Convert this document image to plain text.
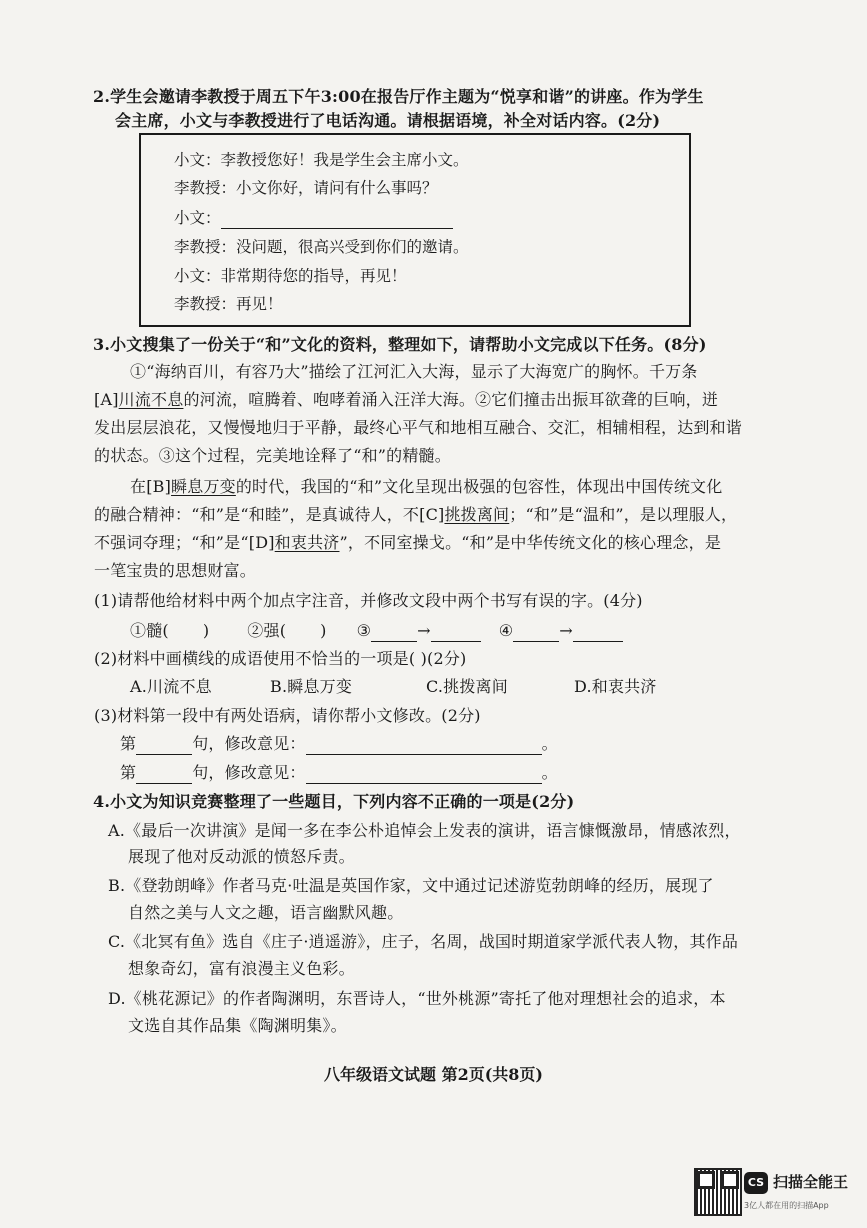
2.学生会邀请李教授于周五下午3:00在报告厅作主题为“悦享和谐”的讲座。作为学生
会主席，小文与李教授进行了电话沟通。请根据语境，补全对话内容。(2分)
小文：李教授您好！我是学生会主席小文。
李教授：小文你好，请问有什么事吗？
小文：
李教授：没问题，很高兴受到你们的邀请。
小文：非常期待您的指导，再见！
李教授：再见！
3.小文搜集了一份关于“和”文化的资料，整理如下，请帮助小文完成以下任务。(8分)
①“海纳百川，有容乃大”描绘了江河汇入大海，显示了大海宽广的胸怀。千万条
[A]川流不息的河流，喧腾着、咆哮着涌入汪洋大海。②它们撞击出振耳欲聋的巨响，迸
发出层层浪花，又慢慢地归于平静，最终心平气和地相互融合、交汇，相辅相程，达到和谐
的状态。③这个过程，完美地诠释了“和”的精髓。
在[B]瞬息万变的时代，我国的“和”文化呈现出极强的包容性，体现出中国传统文化
的融合精神：“和”是“和睦”，是真诚待人，不[C]挑拨离间；“和”是“温和”，是以理服人，
不强词夺理；“和”是“[D]和衷共济”，不同室操戈。“和”是中华传统文化的核心理念，是
一笔宝贵的思想财富。
(1)请帮他给材料中两个加点字注音，并修改文段中两个书写有误的字。(4分)
①髓( ) ②强( ) ③	→	④	→
(2)材料中画横线的成语使用不恰当的一项是( )(2分)
A.川流不息	B.瞬息万变	C.挑拨离间	D.和衷共济
(3)材料第一段中有两处语病，请你帮小文修改。(2分)
第	句，修改意见：	。
第	句，修改意见：	。
4.小文为知识竞赛整理了一些题目，下列内容不正确的一项是(2分)
A.《最后一次讲演》是闻一多在李公朴追悼会上发表的演讲，语言慷慨激昂，情感浓烈，
展现了他对反动派的愤怒斥责。
B.《登勃朗峰》作者马克·吐温是英国作家，文中通过记述游览勃朗峰的经历，展现了
自然之美与人文之趣，语言幽默风趣。
C.《北冥有鱼》选自《庄子·逍遥游》，庄子，名周，战国时期道家学派代表人物，其作品
想象奇幻，富有浪漫主义色彩。
D.《桃花源记》的作者陶渊明，东晋诗人，“世外桃源”寄托了他对理想社会的追求，本
文选自其作品集《陶渊明集》。
八年级语文试题 第2页(共8页)
CS 扫描全能王
3亿人都在用的扫描App
